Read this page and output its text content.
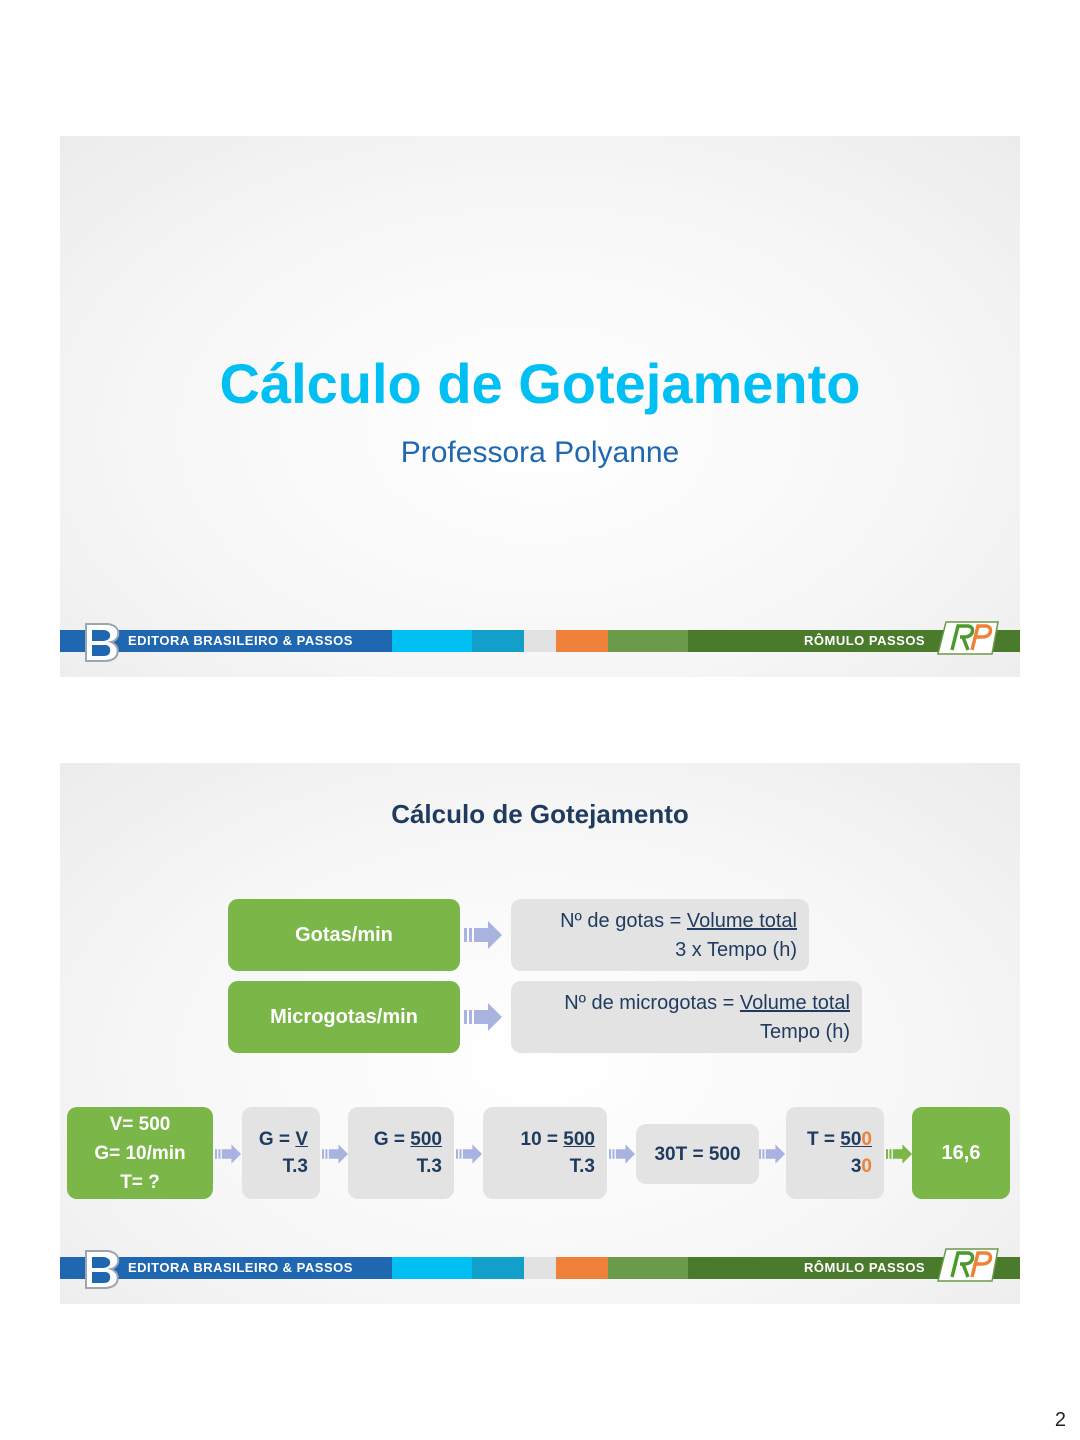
Cálculo de Gotejamento
Professora Polyanne
EDITORA BRASILEIRO & PASSOS	RÔMULO PASSOS
Cálculo de Gotejamento
Gotas/min
Nº de gotas = Volume total
3 x Tempo (h)
Microgotas/min
Nº de microgotas = Volume total
Tempo (h)
V= 500
G= 10/min
T= ?
G = V
T.3
G = 500
T.3
10 = 500
T.3
30T = 500
T = 500
30
16,6
EDITORA BRASILEIRO & PASSOS	RÔMULO PASSOS
2
